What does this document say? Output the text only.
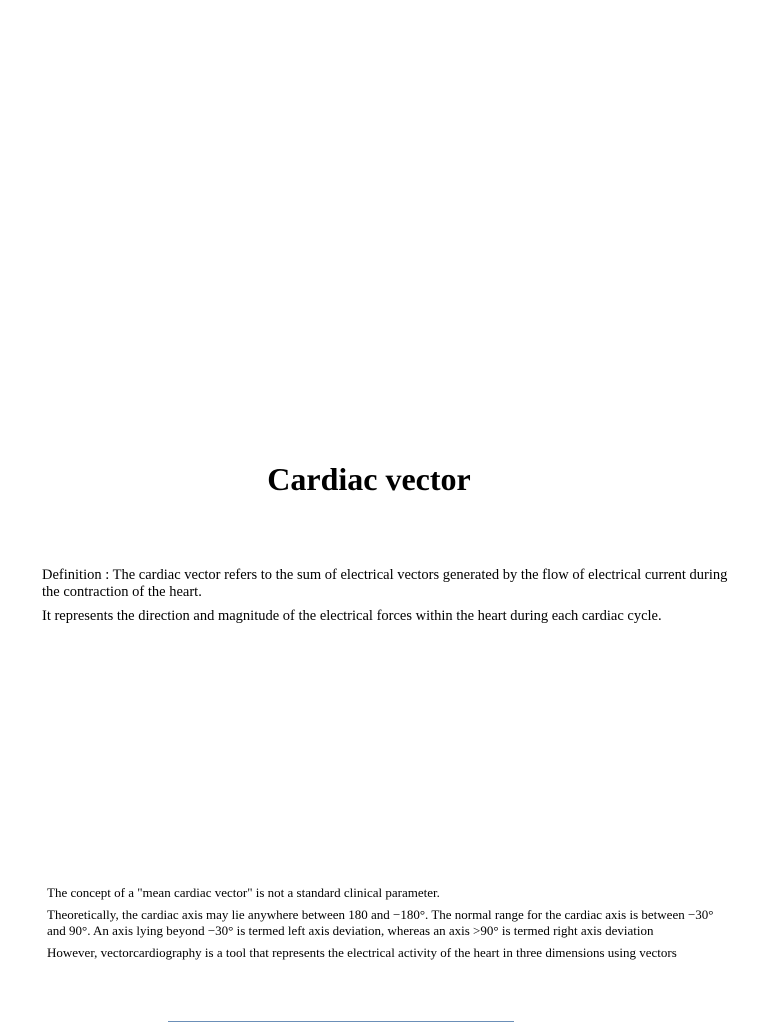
Cardiac vector

Definition : The cardiac vector refers to the sum of electrical vectors generated by the flow of electrical current during the contraction of the heart.

It represents the direction and magnitude of the electrical forces within the heart during each cardiac cycle.

The concept of a "mean cardiac vector" is not a standard clinical parameter.

Theoretically, the cardiac axis may lie anywhere between 180 and −180°. The normal range for the cardiac axis is between −30° and 90°. An axis lying beyond −30° is termed left axis deviation, whereas an axis >90° is termed right axis deviation

However, vectorcardiography is a tool that represents the electrical activity of the heart in three dimensions using vectors
